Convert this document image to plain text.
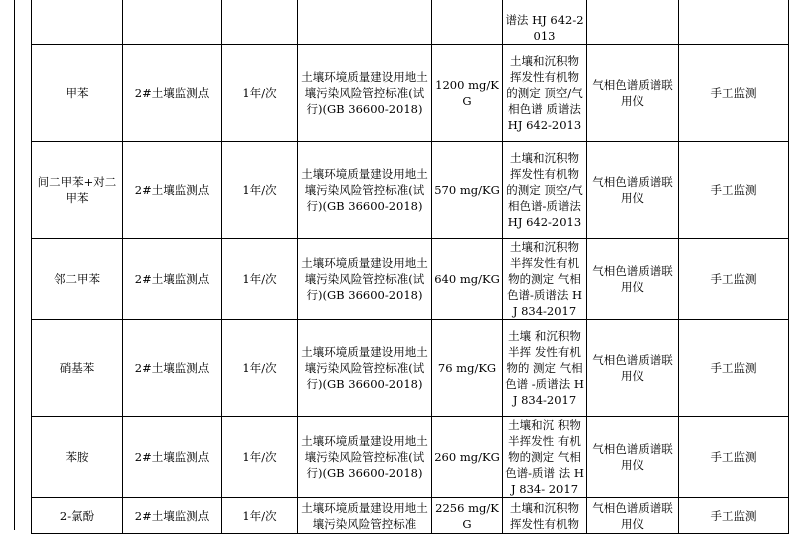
					谱法 HJ 642-2013		
甲苯	2#土壤监测点	1年/次	土壤环境质量建设用地土壤污染风险管控标准(试行)(GB 36600-2018)	1200 mg/KG	土壤和沉积物挥发性有机物的测定 顶空/气相色谱 质谱法 HJ 642-2013	气相色谱质谱联用仪	手工监测
间二甲苯+对二甲苯	2#土壤监测点	1年/次	土壤环境质量建设用地土壤污染风险管控标准(试行)(GB 36600-2018)	570 mg/KG	土壤和沉积物挥发性有机物的测定 顶空/气相色谱-质谱法 HJ 642-2013	气相色谱质谱联用仪	手工监测
邻二甲苯	2#土壤监测点	1年/次	土壤环境质量建设用地土壤污染风险管控标准(试行)(GB 36600-2018)	640 mg/KG	土壤和沉积物半挥发性有机物的测定 气相色谱-质谱法 HJ 834-2017	气相色谱质谱联用仪	手工监测
硝基苯	2#土壤监测点	1年/次	土壤环境质量建设用地土壤污染风险管控标准(试行)(GB 36600-2018)	76 mg/KG	土壤 和沉积物半挥 发性有机物的 测定 气相色谱 -质谱法 HJ 834-2017	气相色谱质谱联用仪	手工监测
苯胺	2#土壤监测点	1年/次	土壤环境质量建设用地土壤污染风险管控标准(试行)(GB 36600-2018)	260 mg/KG	土壤和沉 积物半挥发性 有机物的测定 气相色谱-质谱 法 HJ 834- 2017	气相色谱质谱联用仪	手工监测
2-氯酚	2#土壤监测点	1年/次	土壤环境质量建设用地土壤污染风险管控标准	2256 mg/KG	土壤和沉积物挥发性有机物	气相色谱质谱联用仪	手工监测
